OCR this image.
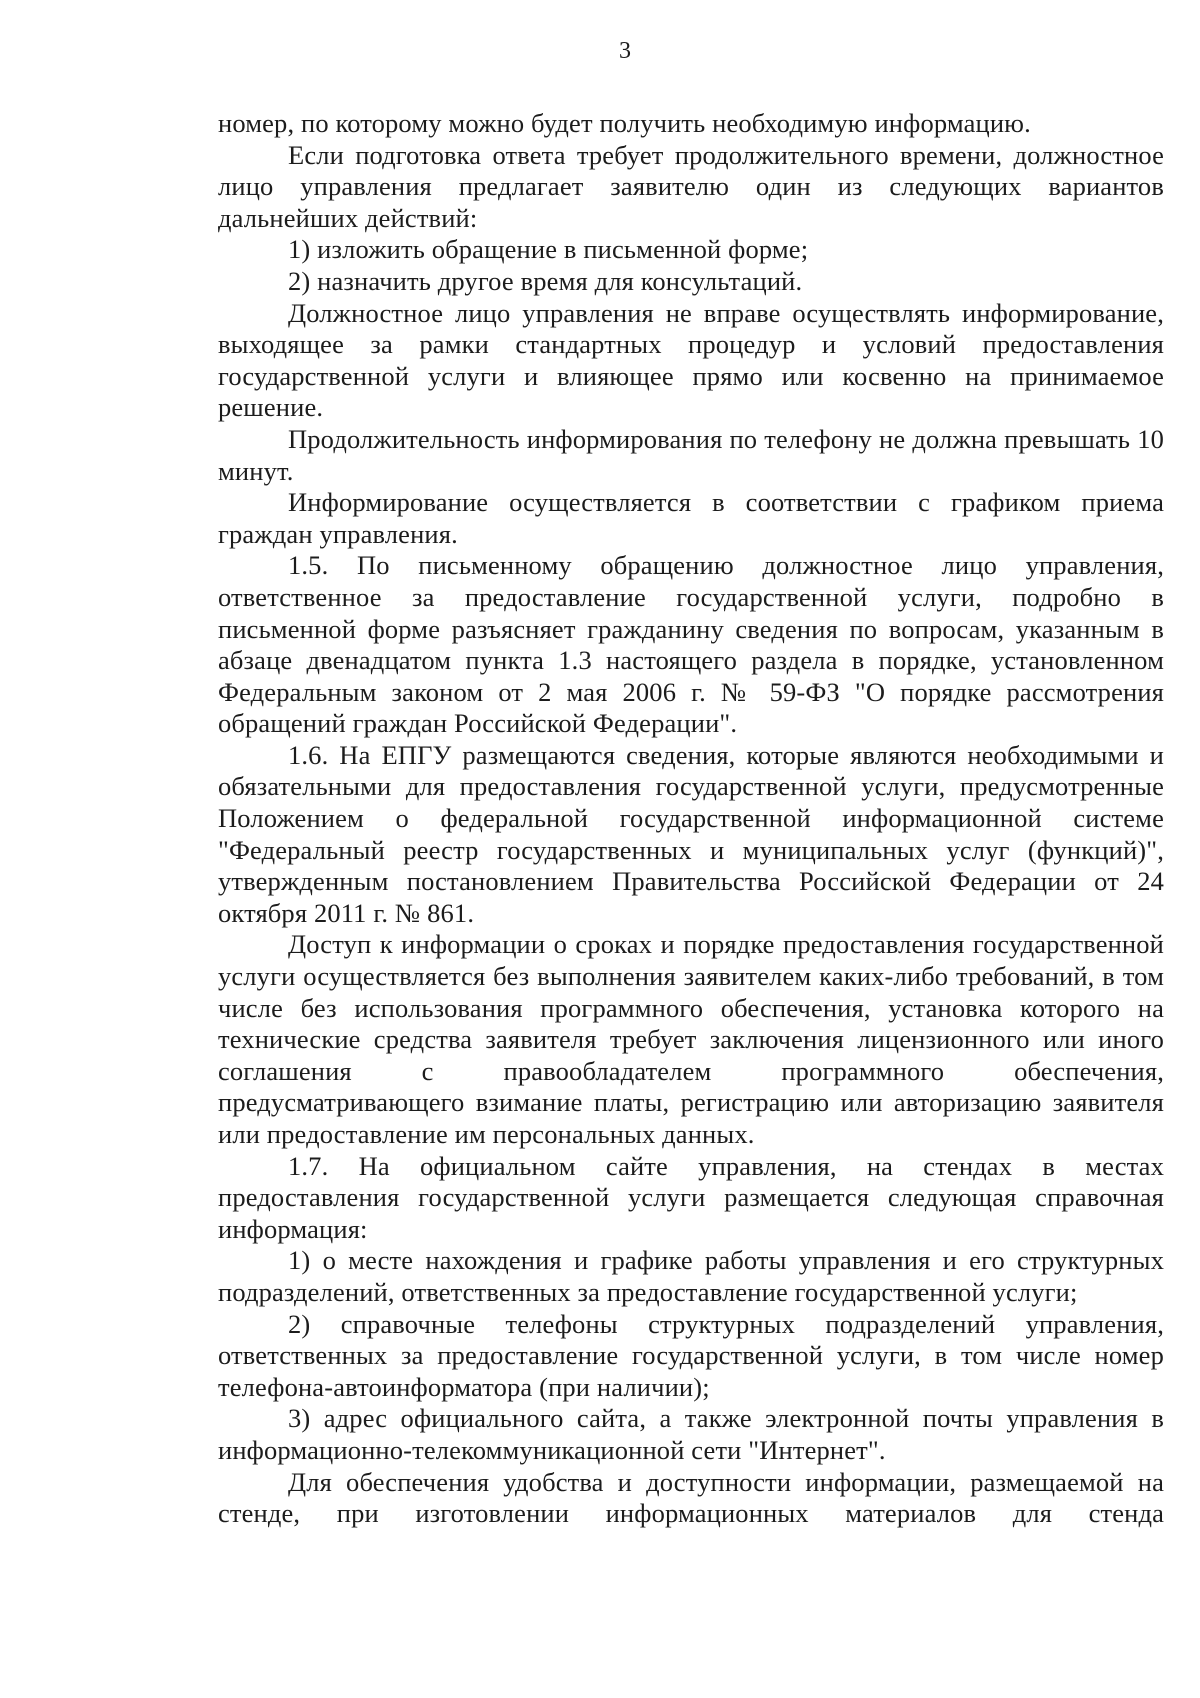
3

номер, по которому можно будет получить необходимую информацию.

Если подготовка ответа требует продолжительного времени, должностное лицо управления предлагает заявителю один из следующих вариантов дальнейших действий:

1) изложить обращение в письменной форме;

2) назначить другое время для консультаций.

Должностное лицо управления не вправе осуществлять информирование, выходящее за рамки стандартных процедур и условий предоставления государственной услуги и влияющее прямо или косвенно на принимаемое решение.

Продолжительность информирования по телефону не должна превышать 10 минут.

Информирование осуществляется в соответствии с графиком приема граждан управления.

1.5. По письменному обращению должностное лицо управления, ответственное за предоставление государственной услуги, подробно в письменной форме разъясняет гражданину сведения по вопросам, указанным в абзаце двенадцатом пункта 1.3 настоящего раздела в порядке, установленном Федеральным законом от 2 мая 2006 г. № 59-ФЗ "О порядке рассмотрения обращений граждан Российской Федерации".

1.6. На ЕПГУ размещаются сведения, которые являются необходимыми и обязательными для предоставления государственной услуги, предусмотренные Положением о федеральной государственной информационной системе "Федеральный реестр государственных и муниципальных услуг (функций)", утвержденным постановлением Правительства Российской Федерации от 24 октября 2011 г. № 861.

Доступ к информации о сроках и порядке предоставления государственной услуги осуществляется без выполнения заявителем каких-либо требований, в том числе без использования программного обеспечения, установка которого на технические средства заявителя требует заключения лицензионного или иного соглашения с правообладателем программного обеспечения, предусматривающего взимание платы, регистрацию или авторизацию заявителя или предоставление им персональных данных.

1.7. На официальном сайте управления, на стендах в местах предоставления государственной услуги размещается следующая справочная информация:

1) о месте нахождения и графике работы управления и его структурных подразделений, ответственных за предоставление государственной услуги;

2) справочные телефоны структурных подразделений управления, ответственных за предоставление государственной услуги, в том числе номер телефона-автоинформатора (при наличии);

3) адрес официального сайта, а также электронной почты управления в информационно-телекоммуникационной сети "Интернет".

Для обеспечения удобства и доступности информации, размещаемой на стенде, при изготовлении информационных материалов для стенда
